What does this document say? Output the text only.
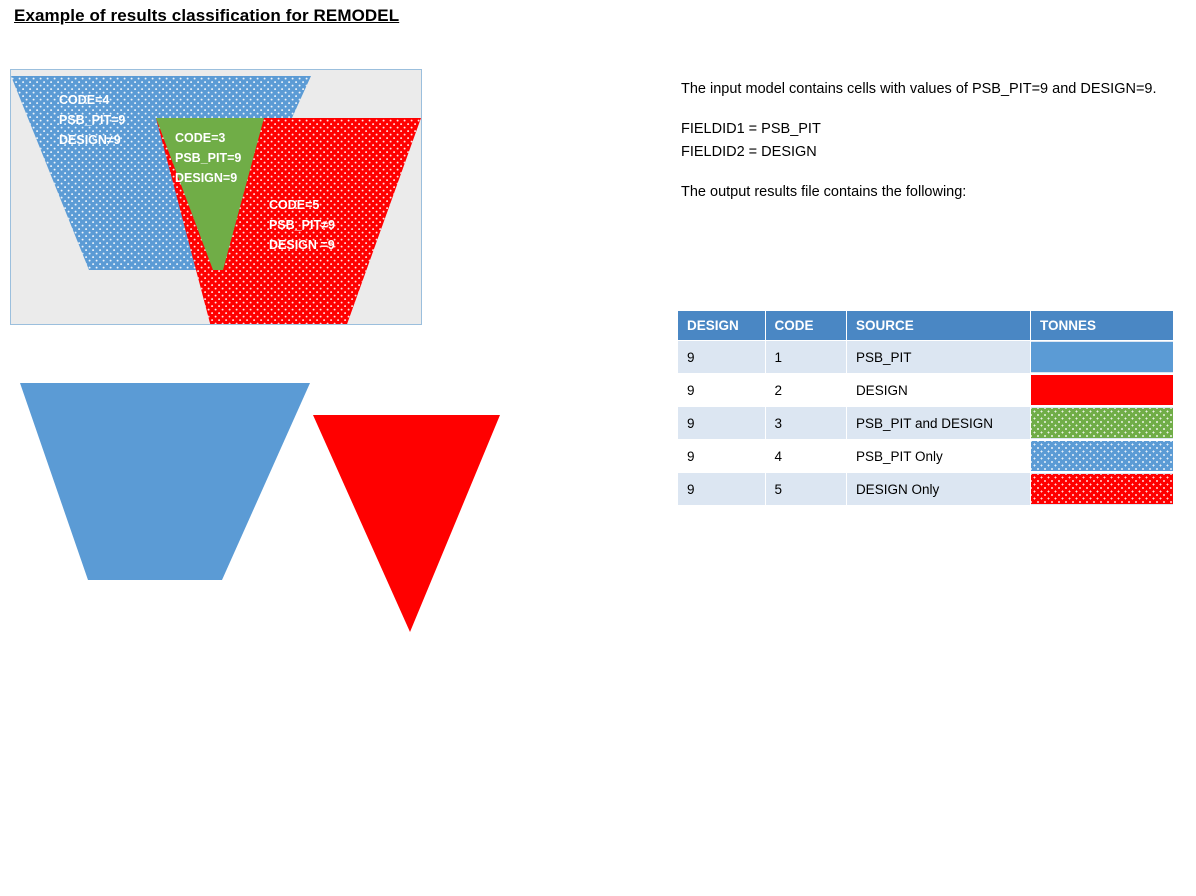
Example of results classification for REMODEL
CODE=4
PSB_PIT=9
DESIGN≠9	CODE=3
PSB_PIT=9
DESIGN=9
CODE=5
PSB_PIT≠9
DESIGN =9
CODE=1
PSB_PIT=9
CODE=2
DESIGN=9

The input model contains cells with values of PSB_PIT=9 and DESIGN=9.

FIELDID1 = PSB_PIT

FIELDID2 = DESIGN

The output results file contains the following:

DESIGN	CODE	SOURCE	TONNES
9	1	PSB_PIT	

9	2	DESIGN	

9	3	PSB_PIT and DESIGN	

9	4	PSB_PIT Only	

9	5	DESIGN Only	
